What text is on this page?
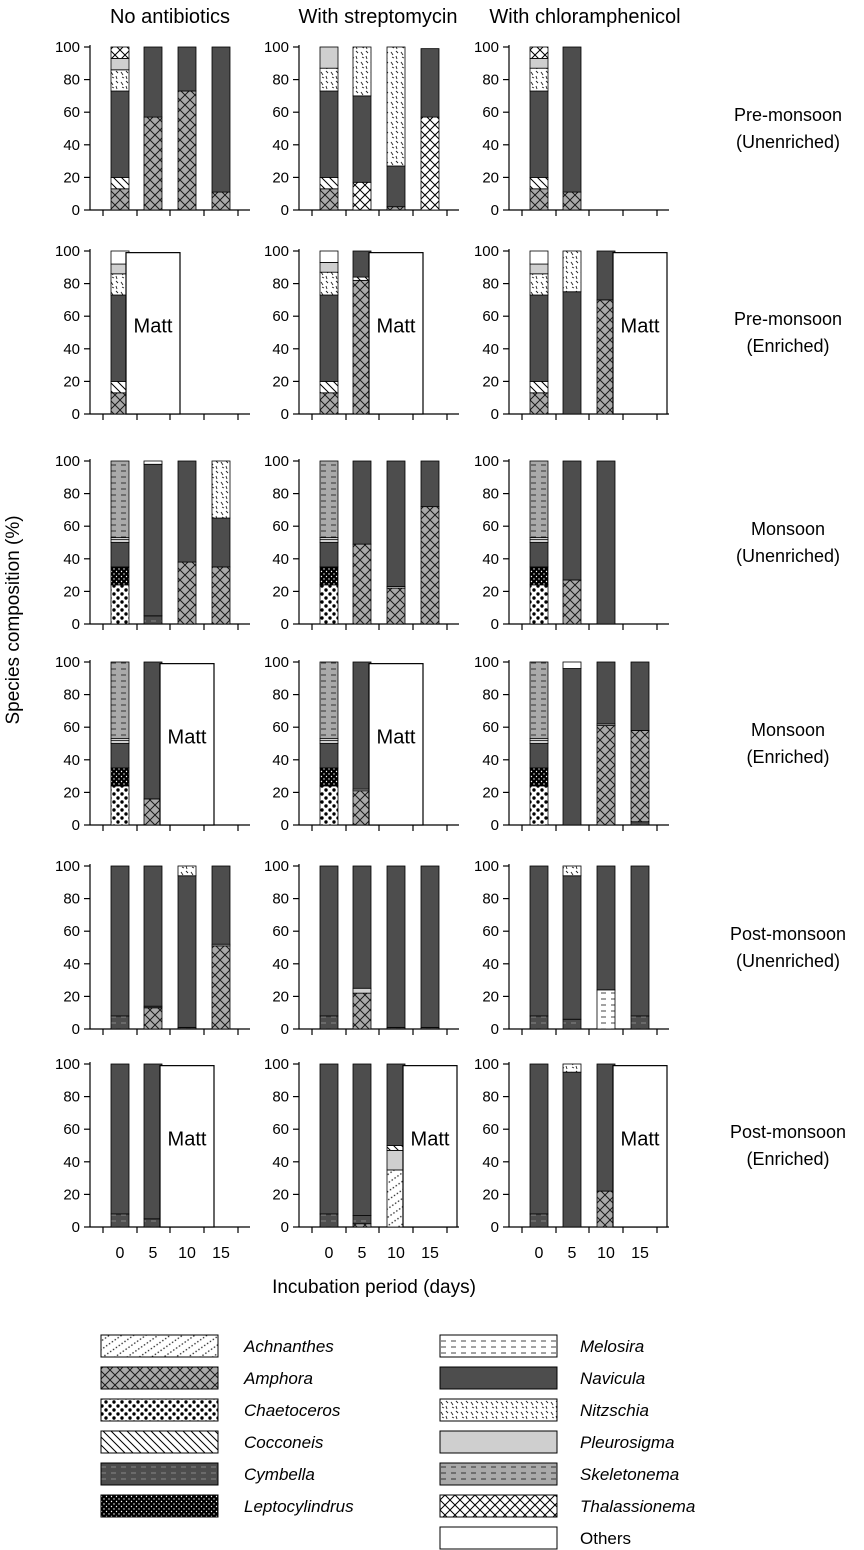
No antibiotics	With streptomycin With chloramphenicol
Pre-monsoon
(Unenriched)
Pre-monsoon
(Enriched)
Monsoon
(Unenriched)
Monsoon
(Enriched)
Post-monsoon
(Unenriched)
Post-monsoon
(Enriched)
0
20
40
60
80
100
0
20
40
60
80
100
0
20
40
60
80
100
0
20
40
60
80
100
Matt
0
20
40
60
80
100
Matt
0
20
40
60
80
100
Matt
0
20
40
60
80
100
0
20
40
60
80
100
0
20
40
60
80
100
0
20
40
60
80
100
Matt
0
20
40
60
80
100
Matt
0
20
40
60
80
100
0
20
40
60
80
100
0
20
40
60
80
100
0
20
40
60
80
100
0
20
40
60
80
100
0 5 10 15
Matt
0
20
40
60
80
100
0 5 10 15
Matt
0
20
40
60
80
100
0 5 10 15
Matt
Incubation period (days)
Species composition (%)
Achnanthes
Amphora
Chaetoceros
Cocconeis
Cymbella
Leptocylindrus
Melosira
Navicula
Nitzschia
Pleurosigma
Skeletonema
Thalassionema
Others
